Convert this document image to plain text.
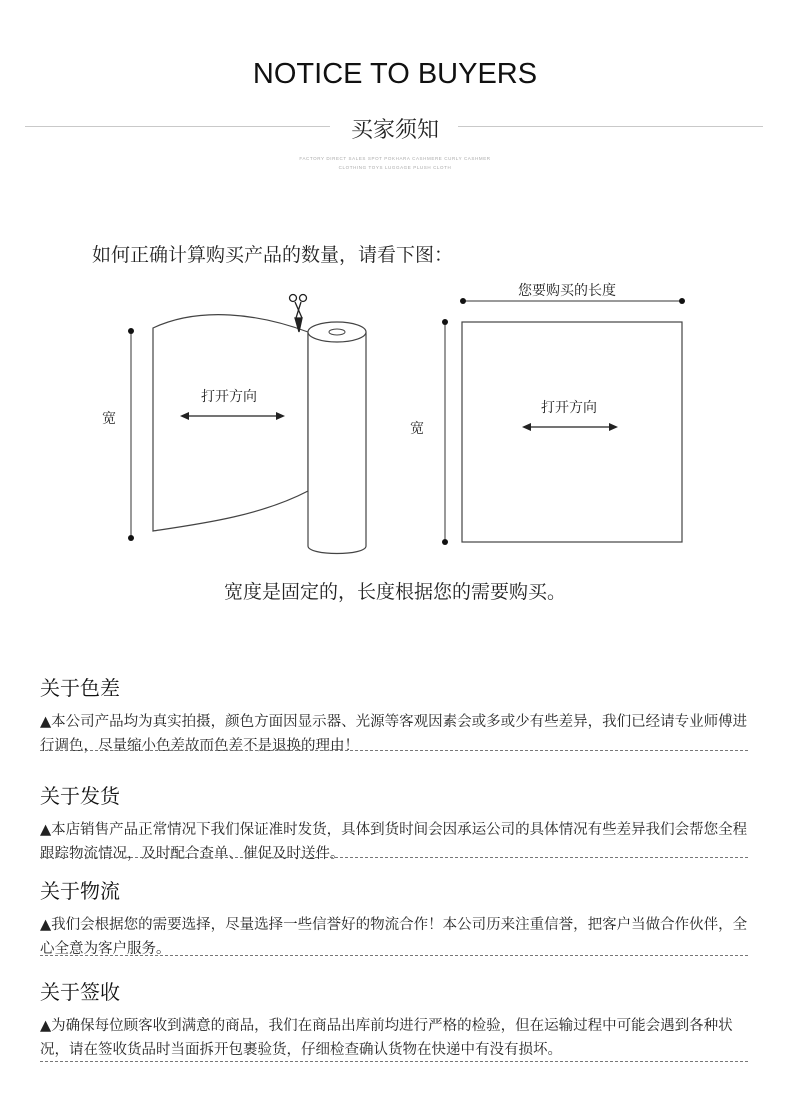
NOTICE TO BUYERS
买家须知
FACTORY DIRECT SALES SPOT POKHARA CASHMERE CURLY CASHMER
CLOTHING TOYS LUGGAGE PLUSH CLOTH
如何正确计算购买产品的数量，请看下图：
宽
打开方向
您要购买的长度
宽
打开方向
宽度是固定的，长度根据您的需要购买。
关于色差

▲本公司产品均为真实拍摄，颜色方面因显示器、光源等客观因素会或多或少有些差异，我们已经请专业师傅进行调色，尽量缩小色差故而色差不是退换的理由！

关于发货

▲本店销售产品正常情况下我们保证准时发货，具体到货时间会因承运公司的具体情况有些差异我们会帮您全程跟踪物流情况，及时配合查单、催促及时送件。

关于物流

▲我们会根据您的需要选择，尽量选择一些信誉好的物流合作！本公司历来注重信誉，把客户当做合作伙伴，全心全意为客户服务。

关于签收

▲为确保每位顾客收到满意的商品，我们在商品出库前均进行严格的检验，但在运输过程中可能会遇到各种状况，请在签收货品时当面拆开包裹验货，仔细检查确认货物在快递中有没有损坏。
